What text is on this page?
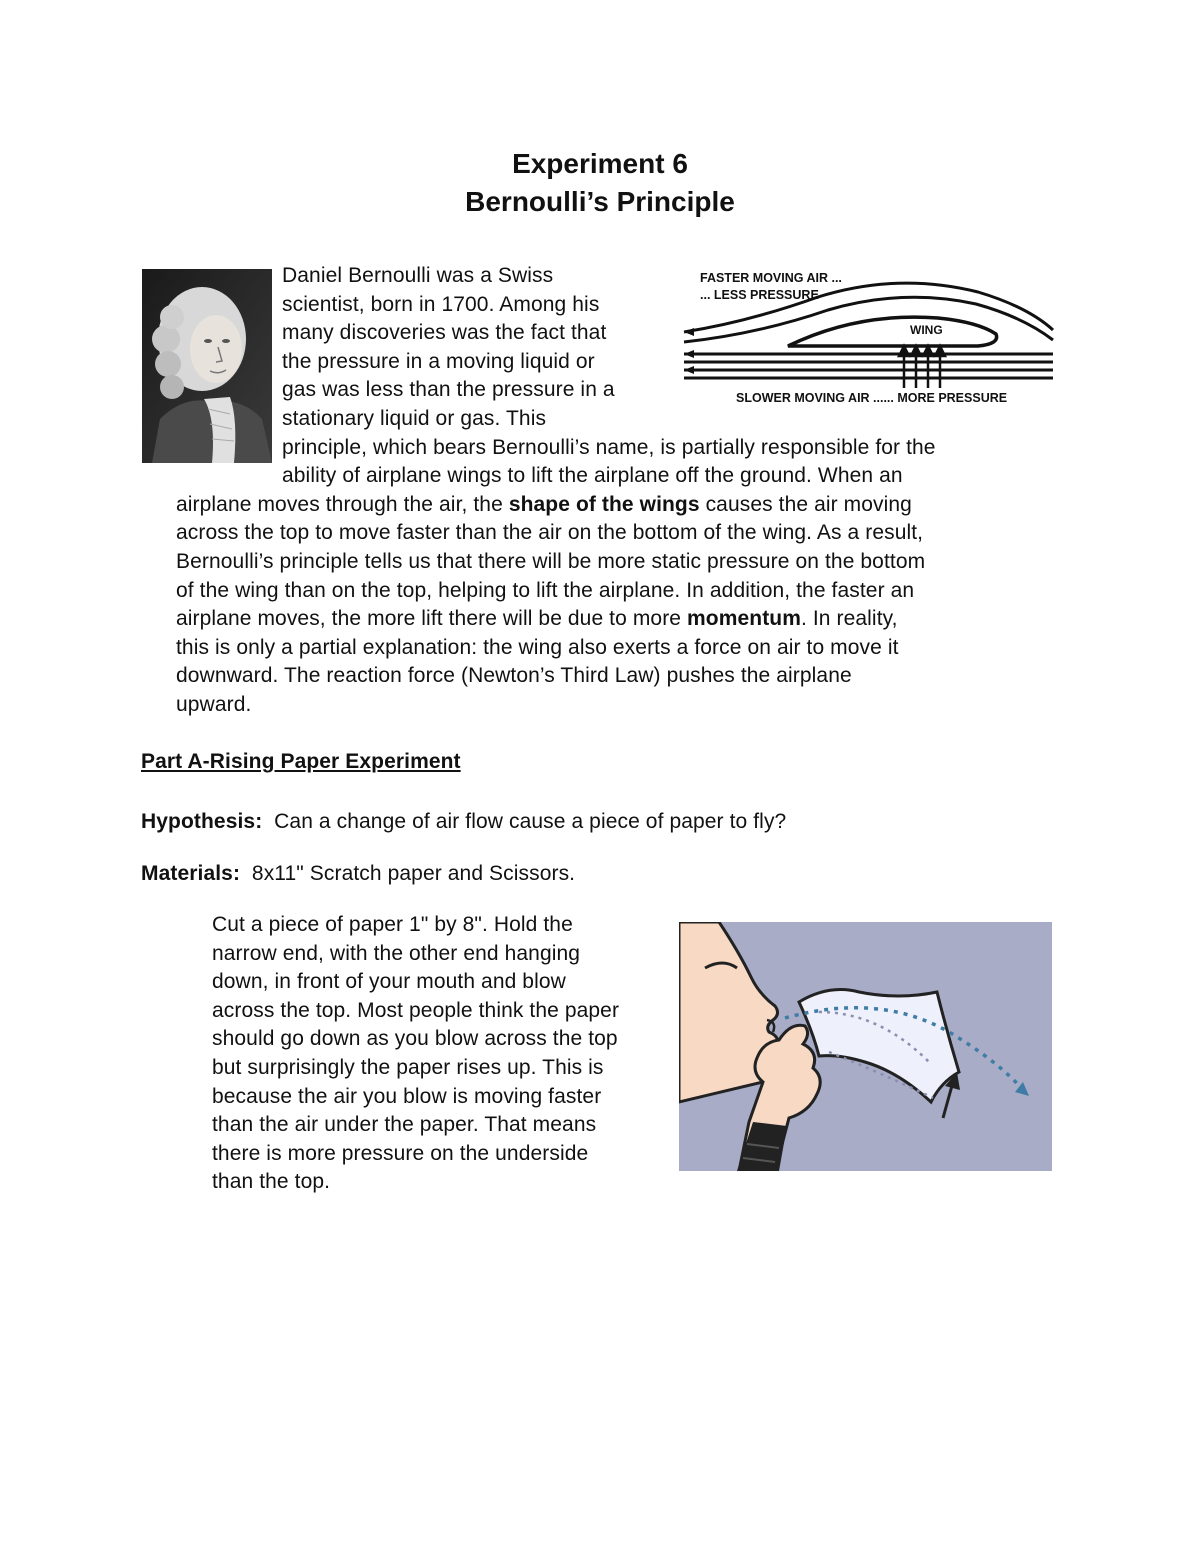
Experiment 6
Bernoulli’s Principle
WING
FASTER MOVING AIR ...
... LESS PRESSURE
SLOWER MOVING AIR ...... MORE PRESSURE
Daniel Bernoulli was a Swiss
scientist, born in 1700. Among his
many discoveries was the fact that
the pressure in a moving liquid or
gas was less than the pressure in a
stationary liquid or gas. This
principle, which bears Bernoulli’s name, is partially responsible for the
ability of airplane wings to lift the airplane off the ground. When an
airplane moves through the air, the shape of the wings causes the air moving
across the top to move faster than the air on the bottom of the wing. As a result,
Bernoulli’s principle tells us that there will be more static pressure on the bottom
of the wing than on the top, helping to lift the airplane. In addition, the faster an
airplane moves, the more lift there will be due to more momentum. In reality,
this is only a partial explanation: the wing also exerts a force on air to move it
downward. The reaction force (Newton’s Third Law) pushes the airplane
upward.
Part A-Rising Paper Experiment
Hypothesis: Can a change of air flow cause a piece of paper to fly?
Materials: 8x11" Scratch paper and Scissors.
Cut a piece of paper 1" by 8". Hold the
narrow end, with the other end hanging
down, in front of your mouth and blow
across the top. Most people think the paper
should go down as you blow across the top
but surprisingly the paper rises up. This is
because the air you blow is moving faster
than the air under the paper. That means
there is more pressure on the underside
than the top.
